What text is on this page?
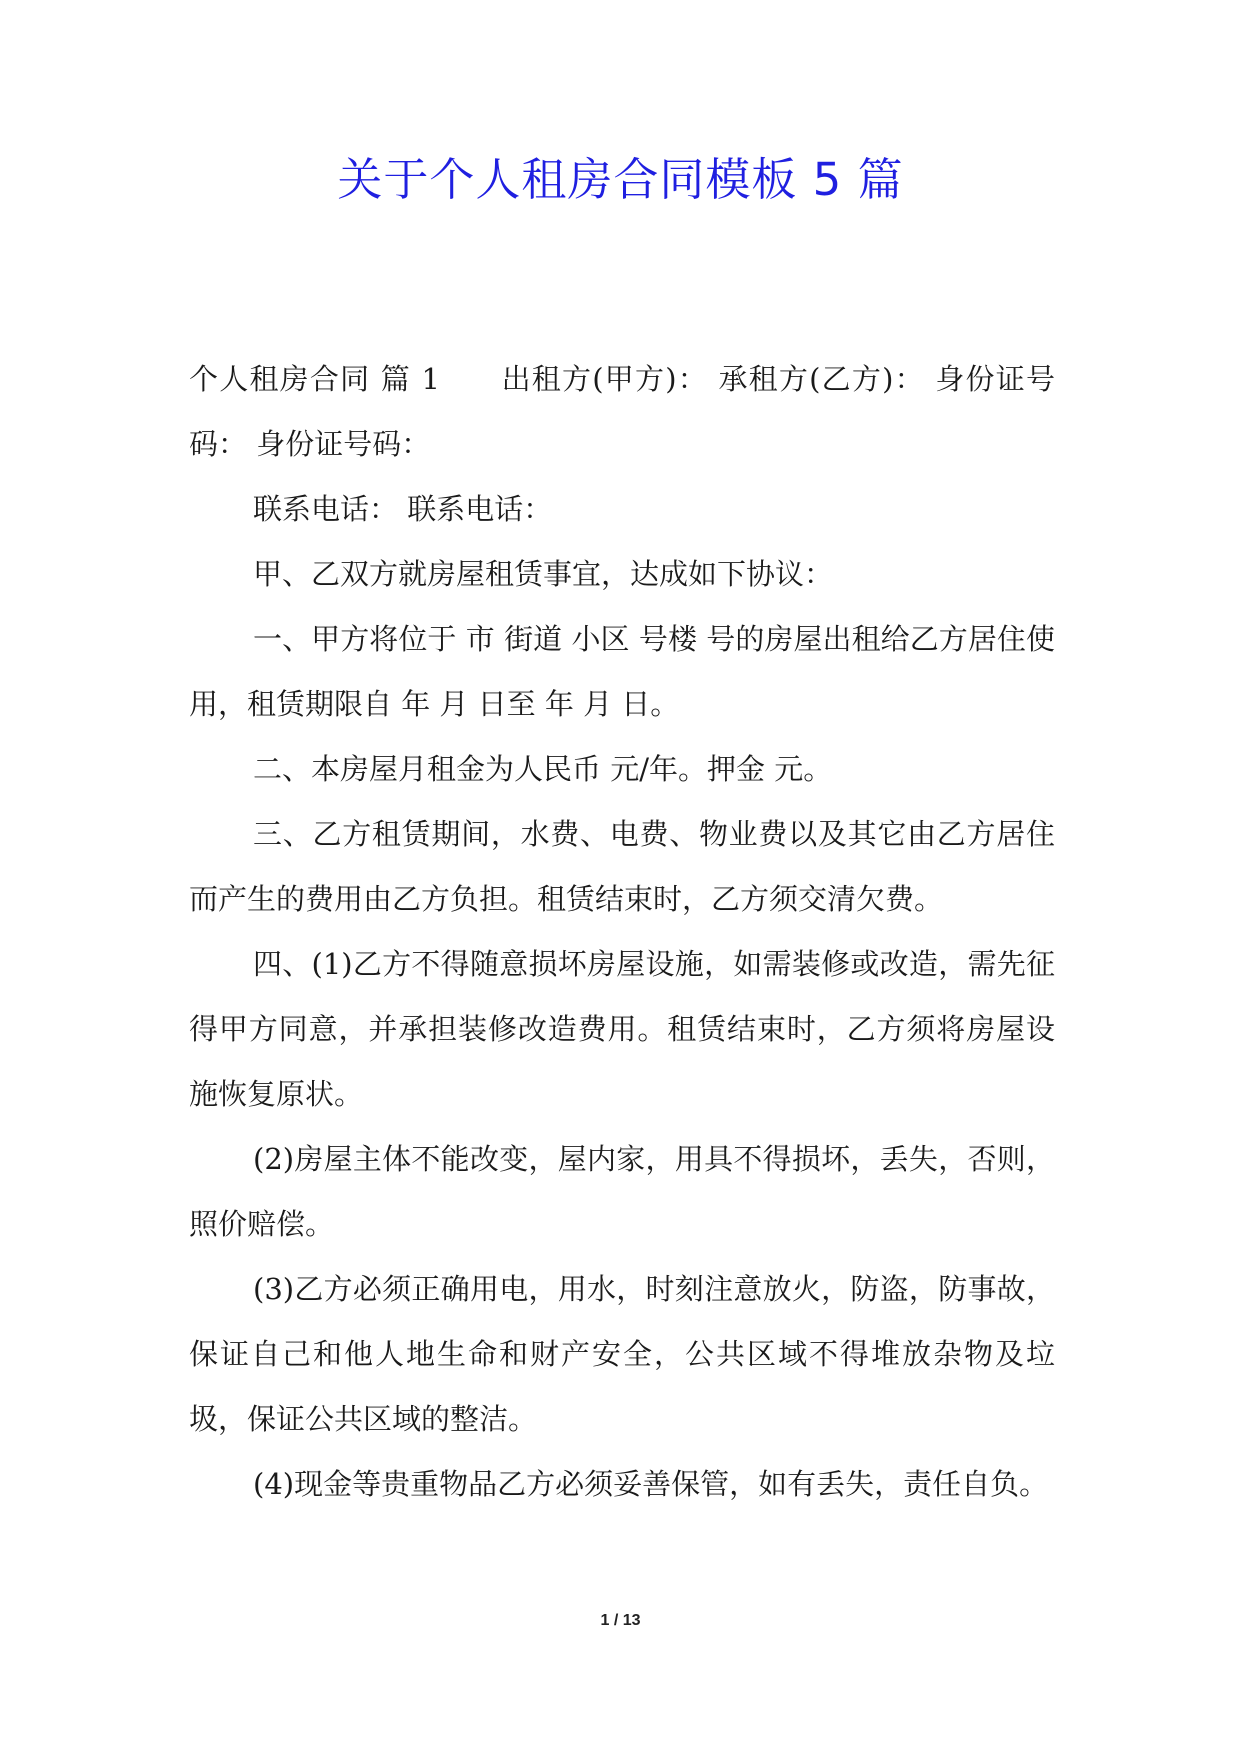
关于个人租房合同模板 5 篇

个人租房合同 篇 1　　出租方(甲方)： 承租方(乙方)： 身份证号码： 身份证号码：

联系电话： 联系电话：

甲、乙双方就房屋租赁事宜，达成如下协议：

一、甲方将位于 市 街道 小区 号楼 号的房屋出租给乙方居住使用，租赁期限自 年 月 日至 年 月 日。

二、本房屋月租金为人民币 元/年。押金 元。

三、乙方租赁期间，水费、电费、物业费以及其它由乙方居住而产生的费用由乙方负担。租赁结束时，乙方须交清欠费。

四、(1)乙方不得随意损坏房屋设施，如需装修或改造，需先征得甲方同意，并承担装修改造费用。租赁结束时，乙方须将房屋设施恢复原状。

(2)房屋主体不能改变，屋内家，用具不得损坏，丢失，否则，照价赔偿。

(3)乙方必须正确用电，用水，时刻注意放火，防盗，防事故，保证自己和他人地生命和财产安全，公共区域不得堆放杂物及垃圾，保证公共区域的整洁。

(4)现金等贵重物品乙方必须妥善保管，如有丢失，责任自负。

1 / 13
